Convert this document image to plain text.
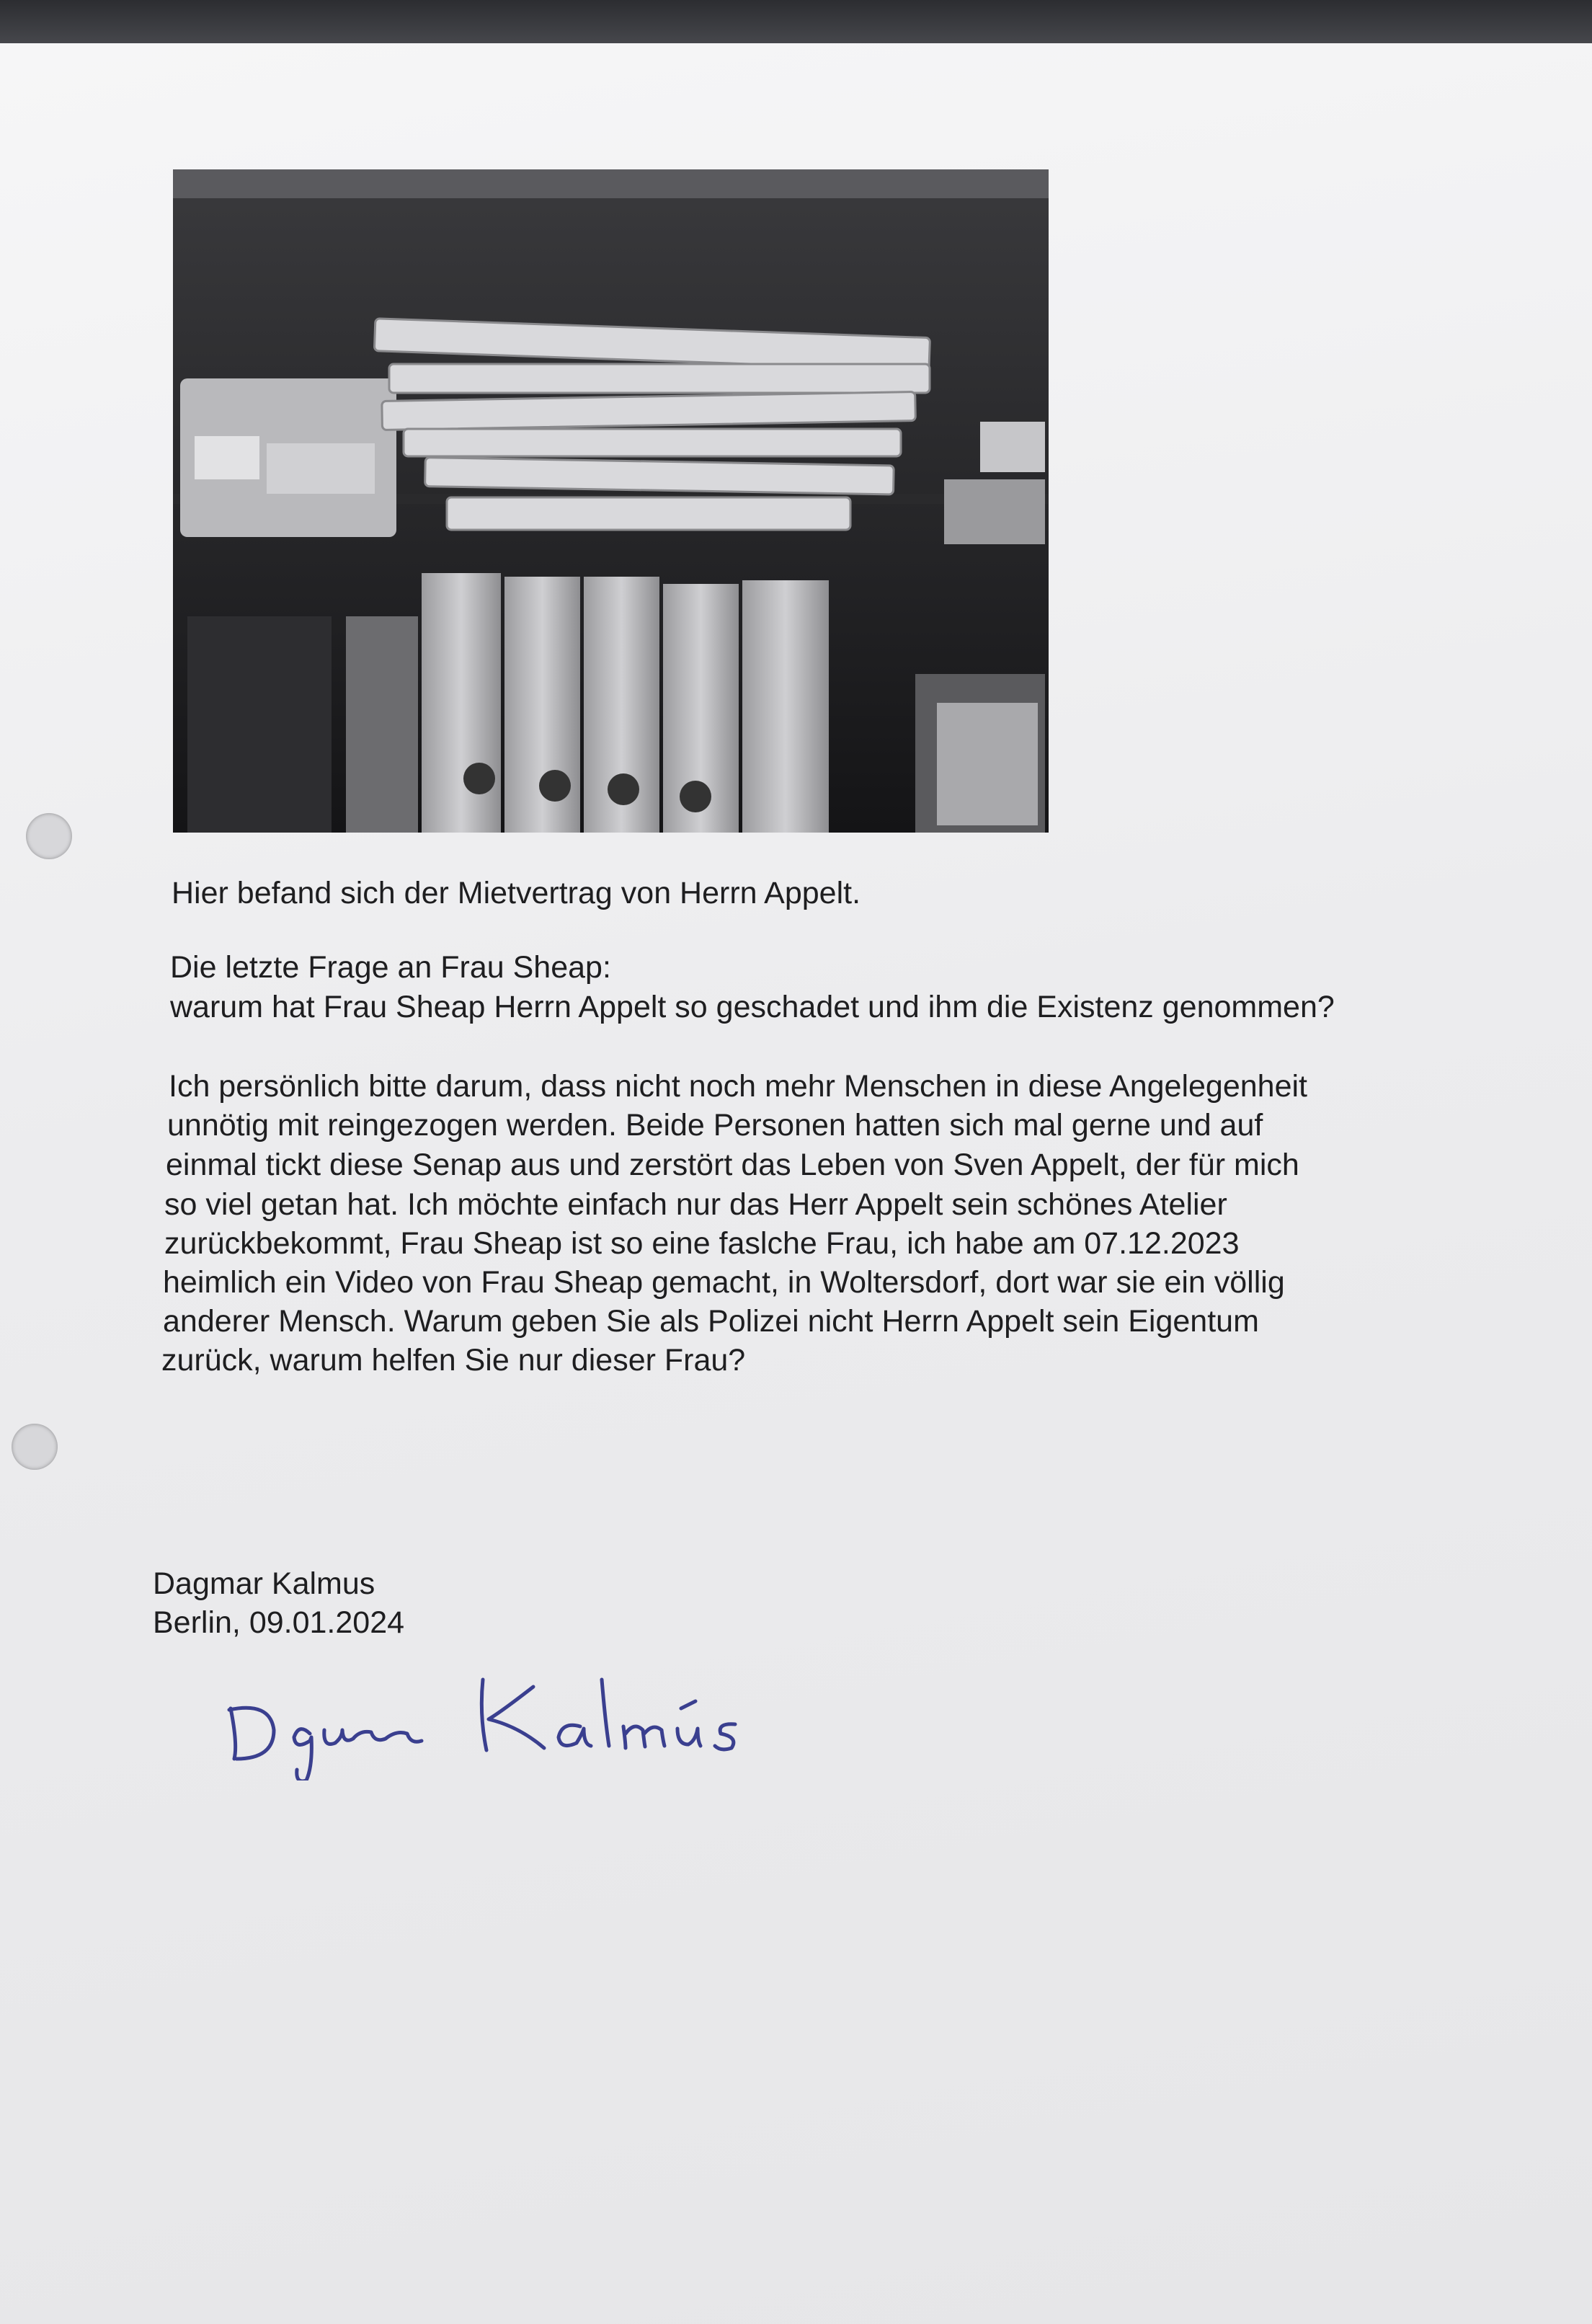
Hier befand sich der Mietvertrag von Herrn Appelt.
Die letzte Frage an Frau Sheap:
warum hat Frau Sheap Herrn Appelt so geschadet und ihm die Existenz genommen?
Ich persönlich bitte darum, dass nicht noch mehr Menschen in diese Angelegenheit
unnötig mit reingezogen werden. Beide Personen hatten sich mal gerne und auf
einmal tickt diese Senap aus und zerstört das Leben von Sven Appelt, der für mich
so viel getan hat. Ich möchte einfach nur das Herr Appelt sein schönes Atelier
zurückbekommt, Frau Sheap ist so eine faslche Frau, ich habe am 07.12.2023
heimlich ein Video von Frau Sheap gemacht, in Woltersdorf, dort war sie ein völlig
anderer Mensch. Warum geben Sie als Polizei nicht Herrn Appelt sein Eigentum
zurück, warum helfen Sie nur dieser Frau?
Dagmar Kalmus
Berlin, 09.01.2024
